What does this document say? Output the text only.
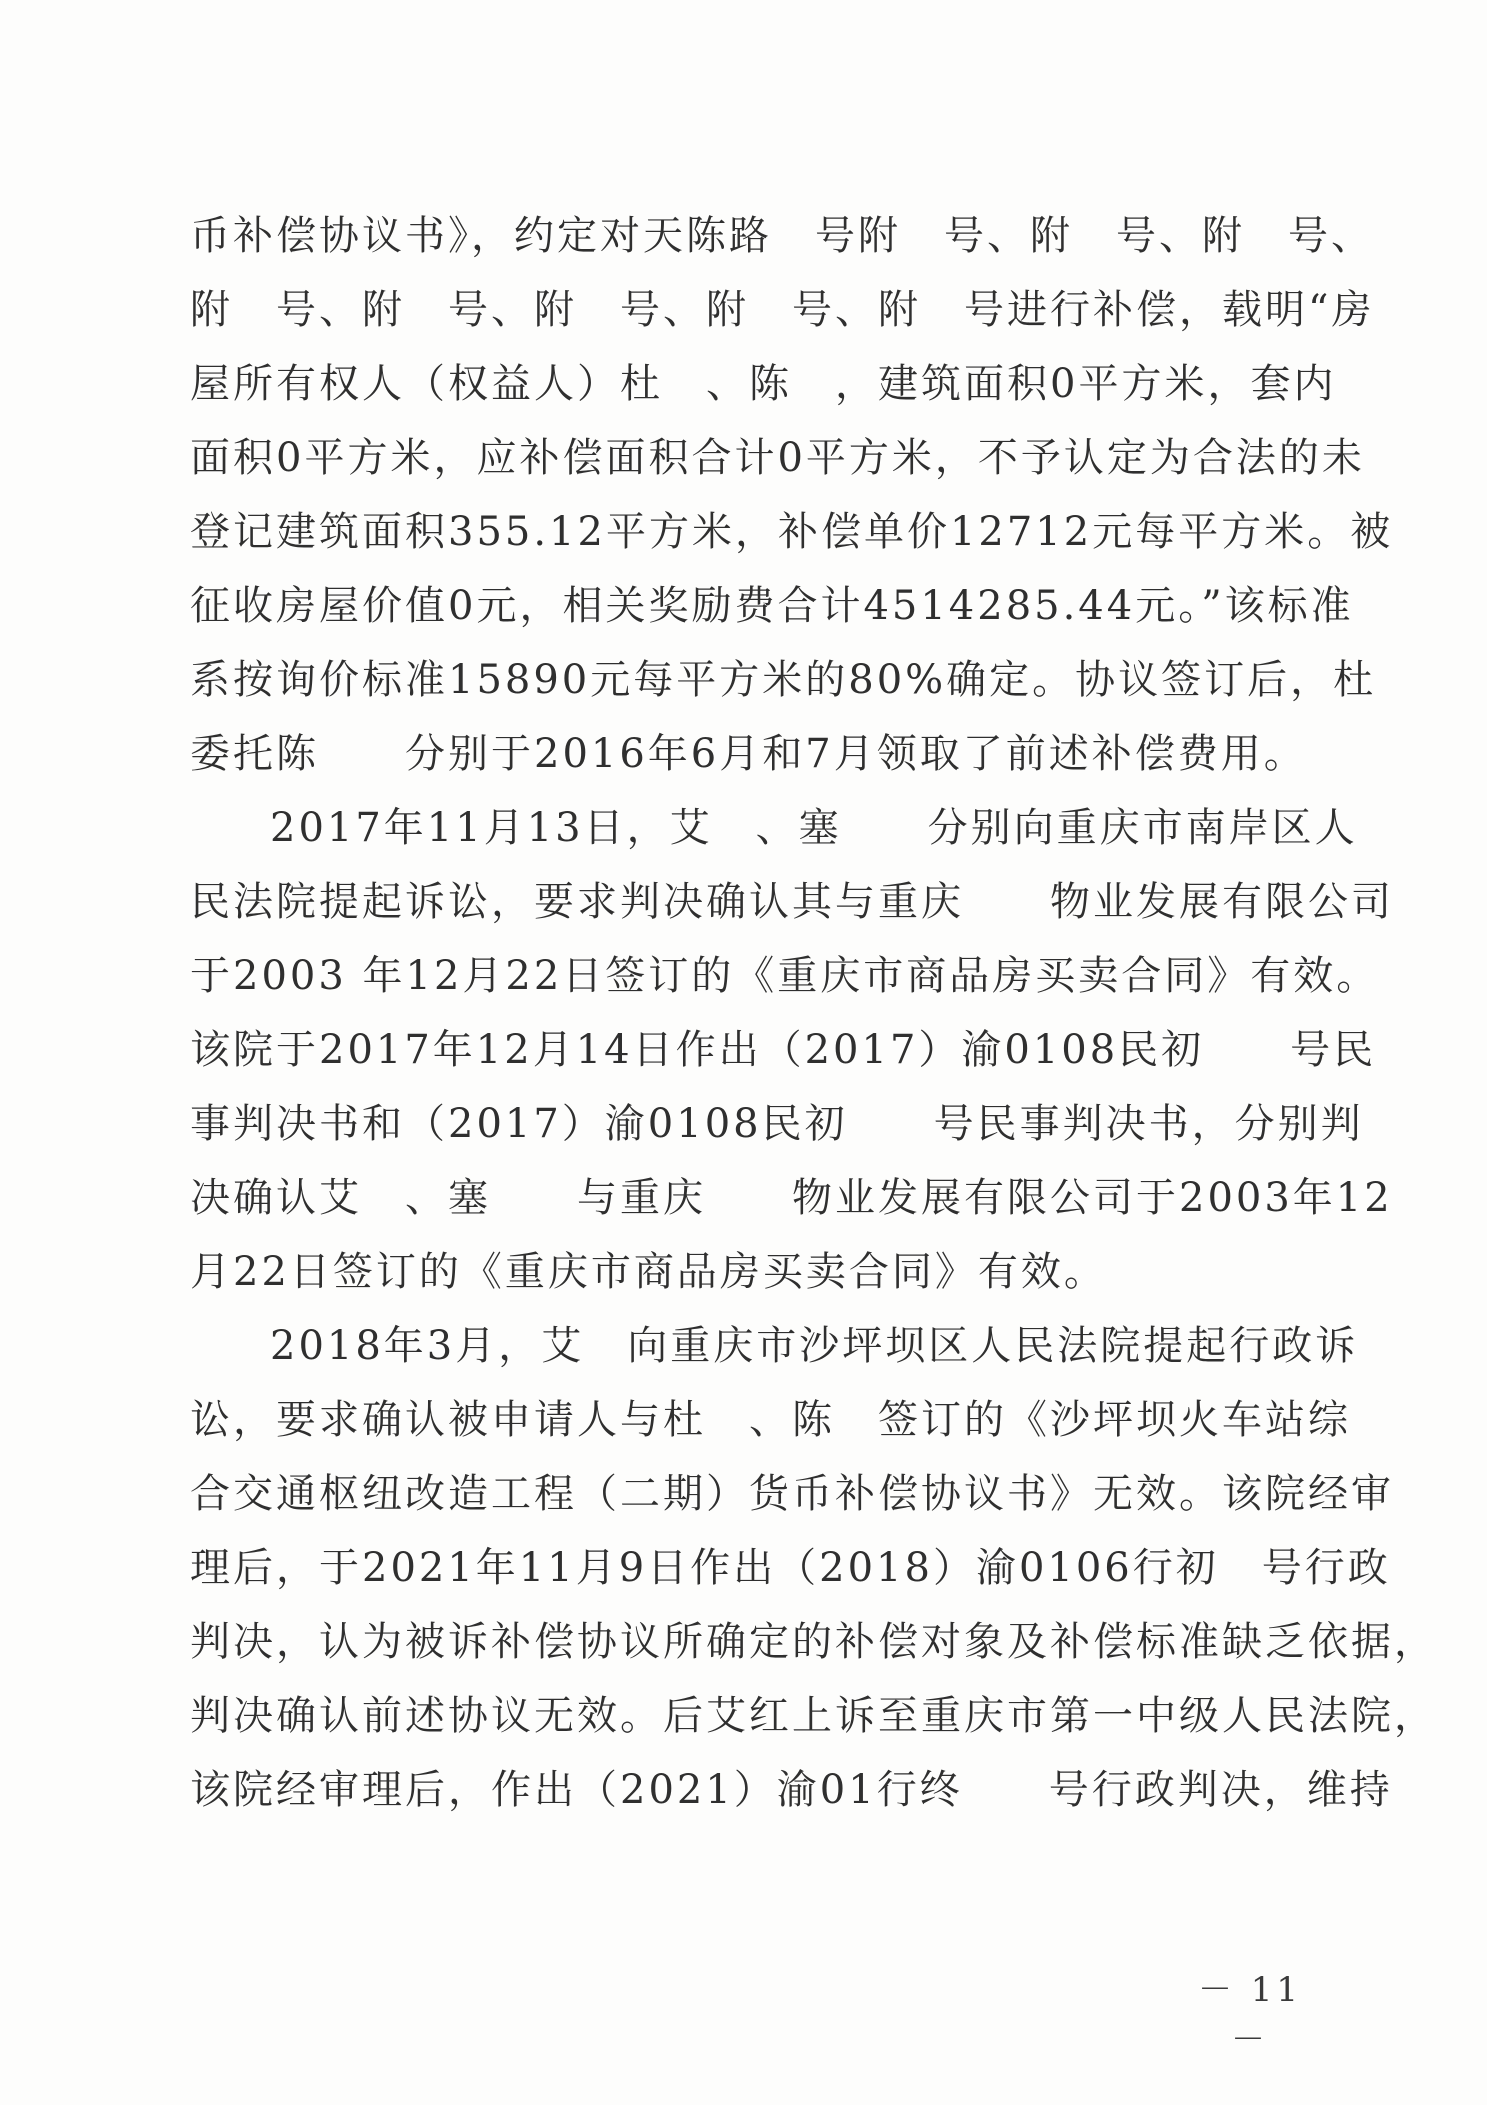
币补偿协议书》，约定对天陈路　号附　号、附　号、附　号、
附　号、附　号、附　号、附　号、附　号进行补偿，载明“房
屋所有权人（权益人）杜　、陈　，建筑面积0平方米，套内
面积0平方米，应补偿面积合计0平方米，不予认定为合法的未
登记建筑面积355.12平方米，补偿单价12712元每平方米。被
征收房屋价值0元，相关奖励费合计4514285.44元。”该标准
系按询价标准15890元每平方米的80%确定。协议签订后，杜
委托陈　　分别于2016年6月和7月领取了前述补偿费用。
2017年11月13日，艾　、塞　　分别向重庆市南岸区人
民法院提起诉讼，要求判决确认其与重庆　　物业发展有限公司
于2003 年12月22日签订的《重庆市商品房买卖合同》有效。
该院于2017年12月14日作出（2017）渝0108民初　　号民
事判决书和（2017）渝0108民初　　号民事判决书，分别判
决确认艾　、塞　　与重庆　　物业发展有限公司于2003年12
月22日签订的《重庆市商品房买卖合同》有效。
2018年3月，艾　向重庆市沙坪坝区人民法院提起行政诉
讼，要求确认被申请人与杜　、陈　签订的《沙坪坝火车站综
合交通枢纽改造工程（二期）货币补偿协议书》无效。该院经审
理后，于2021年11月9日作出（2018）渝0106行初　号行政
判决，认为被诉补偿协议所确定的补偿对象及补偿标准缺乏依据，
判决确认前述协议无效。后艾红上诉至重庆市第一中级人民法院，
该院经审理后，作出（2021）渝01行终　　号行政判决，维持
－ 11 －
